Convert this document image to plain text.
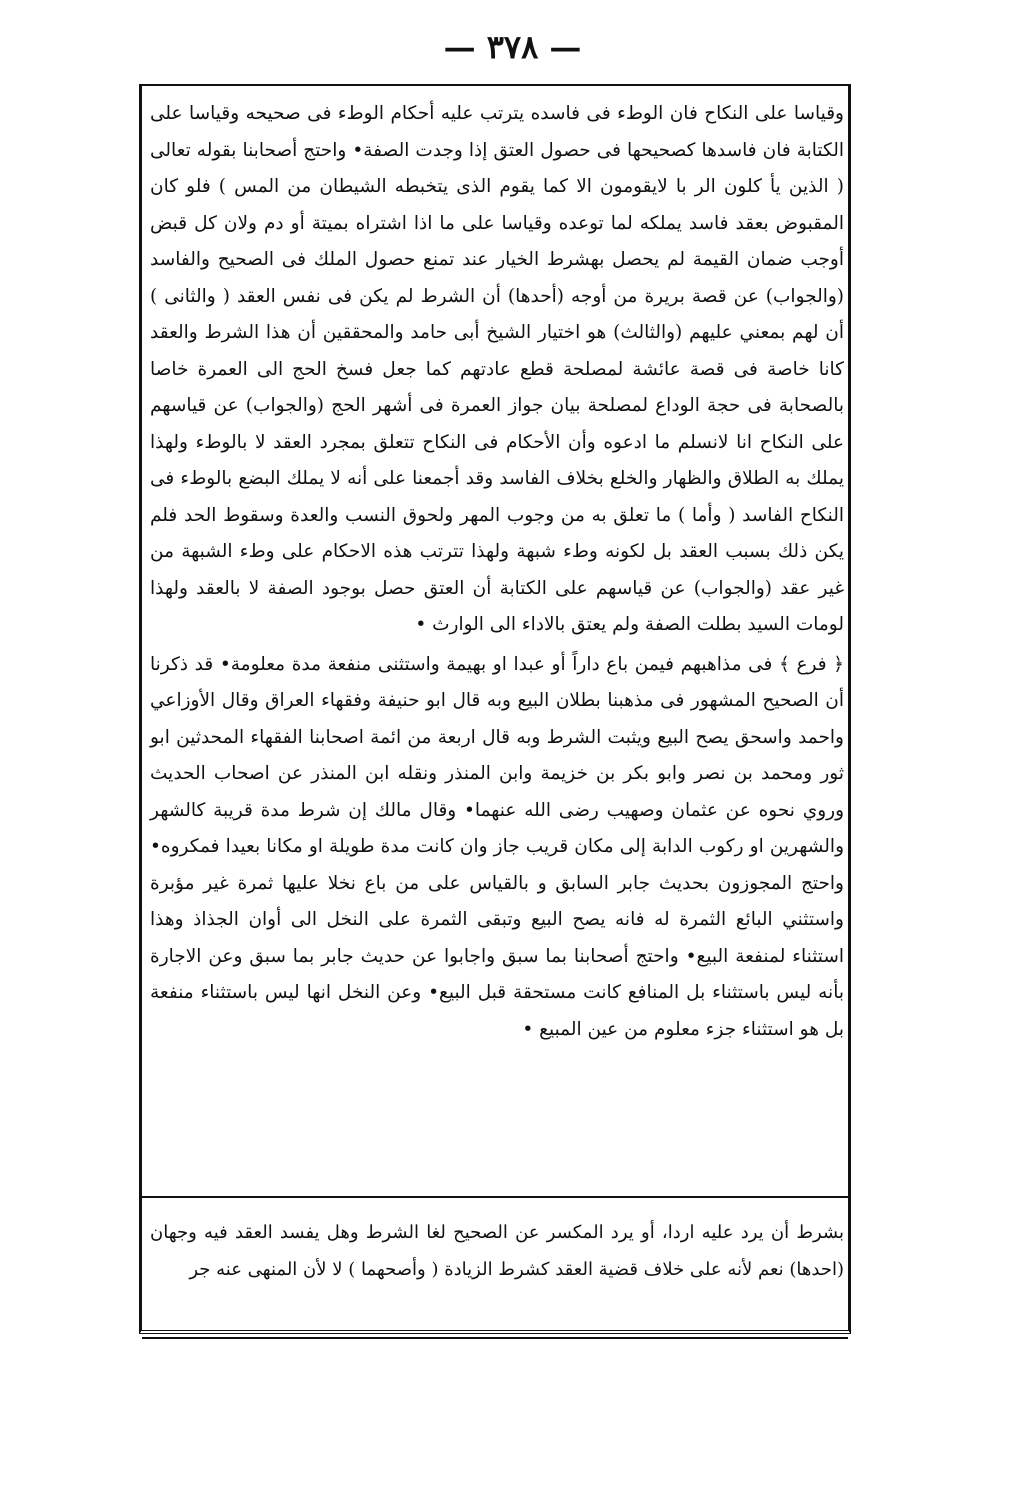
— ٣٧٨ —

وقياسا على النكاح فان الوطء فى فاسده يترتب عليه أحكام الوطء فى صحيحه وقياسا على الكتابة فان فاسدها كصحيحها فى حصول العتق إذا وجدت الصفة• واحتج أصحابنا بقوله تعالى ( الذين يأ كلون الر با لايقومون الا كما يقوم الذى يتخبطه الشيطان من المس ) فلو كان المقبوض بعقد فاسد يملكه لما توعده وقياسا على ما اذا اشتراه بميتة أو دم ولان كل قبض أوجب ضمان القيمة لم يحصل بهشرط الخيار عند تمنع حصول الملك فى الصحيح والفاسد (والجواب) عن قصة بريرة من أوجه (أحدها) أن الشرط لم يكن فى نفس العقد ( والثانى ) أن لهم بمعني عليهم (والثالث) هو اختيار الشيخ أبى حامد والمحققين أن هذا الشرط والعقد كانا خاصة فى قصة عائشة لمصلحة قطع عادتهم كما جعل فسخ الحج الى العمرة خاصا بالصحابة فى حجة الوداع لمصلحة بيان جواز العمرة فى أشهر الحج (والجواب) عن قياسهم على النكاح انا لانسلم ما ادعوه وأن الأحكام فى النكاح تتعلق بمجرد العقد لا بالوطء ولهذا يملك به الطلاق والظهار والخلع بخلاف الفاسد وقد أجمعنا على أنه لا يملك البضع بالوطء فى النكاح الفاسد ( وأما ) ما تعلق به من وجوب المهر ولحوق النسب والعدة وسقوط الحد فلم يكن ذلك بسبب العقد بل لكونه وطء شبهة ولهذا تترتب هذه الاحكام على وطء الشبهة من غير عقد (والجواب) عن قياسهم على الكتابة أن العتق حصل بوجود الصفة لا بالعقد ولهذا لومات السيد بطلت الصفة ولم يعتق بالاداء الى الوارث •

﴿ فرع ﴾ فى مذاهبهم فيمن باع داراً أو عبدا او بهيمة واستثنى منفعة مدة معلومة• قد ذكرنا أن الصحيح المشهور فى مذهبنا بطلان البيع وبه قال ابو حنيفة وفقهاء العراق وقال الأوزاعي واحمد واسحق يصح البيع ويثبت الشرط وبه قال اربعة من ائمة اصحابنا الفقهاء المحدثين ابو ثور ومحمد بن نصر وابو بكر بن خزيمة وابن المنذر ونقله ابن المنذر عن اصحاب الحديث وروي نحوه عن عثمان وصهيب رضى الله عنهما• وقال مالك إن شرط مدة قريبة كالشهر والشهرين او ركوب الدابة إلى مكان قريب جاز وان كانت مدة طويلة او مكانا بعيدا فمكروه• واحتج المجوزون بحديث جابر السابق و بالقياس على من باع نخلا عليها ثمرة غير مؤبرة واستثني البائع الثمرة له فانه يصح البيع وتبقى الثمرة على النخل الى أوان الجذاذ وهذا استثناء لمنفعة البيع• واحتج أصحابنا بما سبق واجابوا عن حديث جابر بما سبق وعن الاجارة بأنه ليس باستثناء بل المنافع كانت مستحقة قبل البيع• وعن النخل انها ليس باستثناء منفعة بل هو استثناء جزء معلوم من عين المبيع •

بشرط أن يرد عليه اردا، أو يرد المكسر عن الصحيح لغا الشرط وهل يفسد العقد فيه وجهان (احدها) نعم لأنه على خلاف قضية العقد كشرط الزيادة ( وأصحهما ) لا لأن المنهى عنه جر
